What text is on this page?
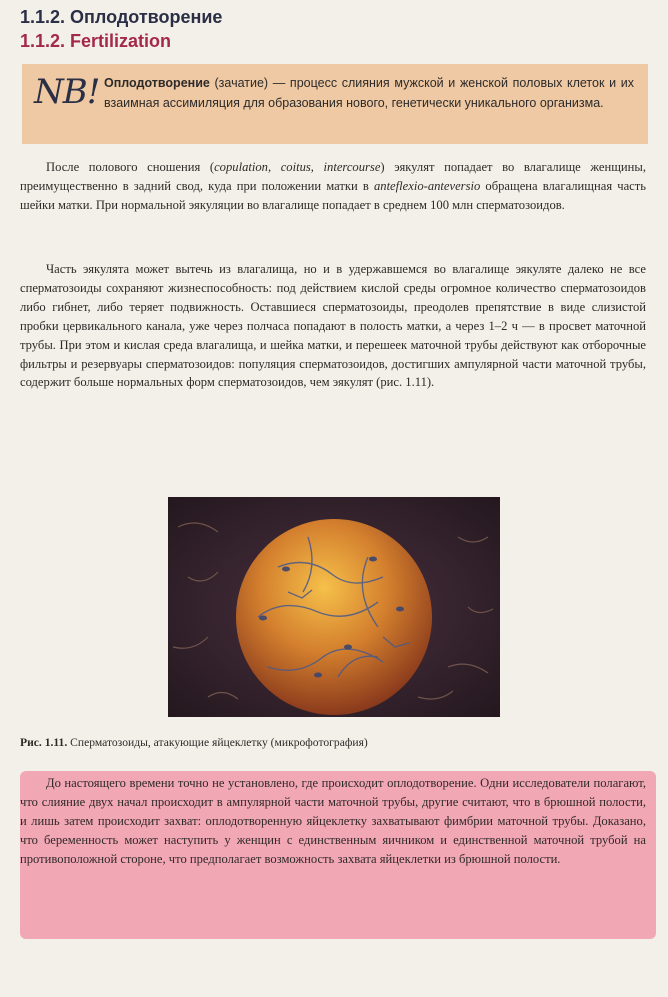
1.1.2. Оплодотворение
1.1.2. Fertilization
NB! Оплодотворение (зачатие) — процесс слияния мужской и женской половых клеток и их взаимная ассимиляция для образования нового, генетически уникального организма.

После полового сношения (copulation, coitus, intercourse) эякулят попадает во влагалище женщины, преимущественно в задний свод, куда при положении матки в anteflexio-anteversio обращена влагалищная часть шейки матки. При нормальной эякуляции во влагалище попадает в среднем 100 млн сперматозоидов.

Часть эякулята может вытечь из влагалища, но и в удержавшемся во влагалище эякуляте далеко не все сперматозоиды сохраняют жизнеспособность: под действием кислой среды огромное количество сперматозоидов либо гибнет, либо теряет подвижность. Оставшиеся сперматозоиды, преодолев препятствие в виде слизистой пробки цервикального канала, уже через полчаса попадают в полость матки, а через 1–2 ч — в просвет маточной трубы. При этом и кислая среда влагалища, и шейка матки, и перешеек маточной трубы действуют как отборочные фильтры и резервуары сперматозоидов: популяция сперматозоидов, достигших ампулярной части маточной трубы, содержит больше нормальных форм сперматозоидов, чем эякулят (рис. 1.11).

Рис. 1.11. Сперматозоиды, атакующие яйцеклетку (микрофотография)

До настоящего времени точно не установлено, где происходит оплодотворение. Одни исследователи полагают, что слияние двух начал происходит в ампулярной части маточной трубы, другие считают, что в брюшной полости, и лишь затем происходит захват: оплодотворенную яйцеклетку захватывают фимбрии маточной трубы. Доказано, что беременность может наступить у женщин с единственным яичником и единственной маточной трубой на противоположной стороне, что предполагает возможность захвата яйцеклетки из брюшной полости.
